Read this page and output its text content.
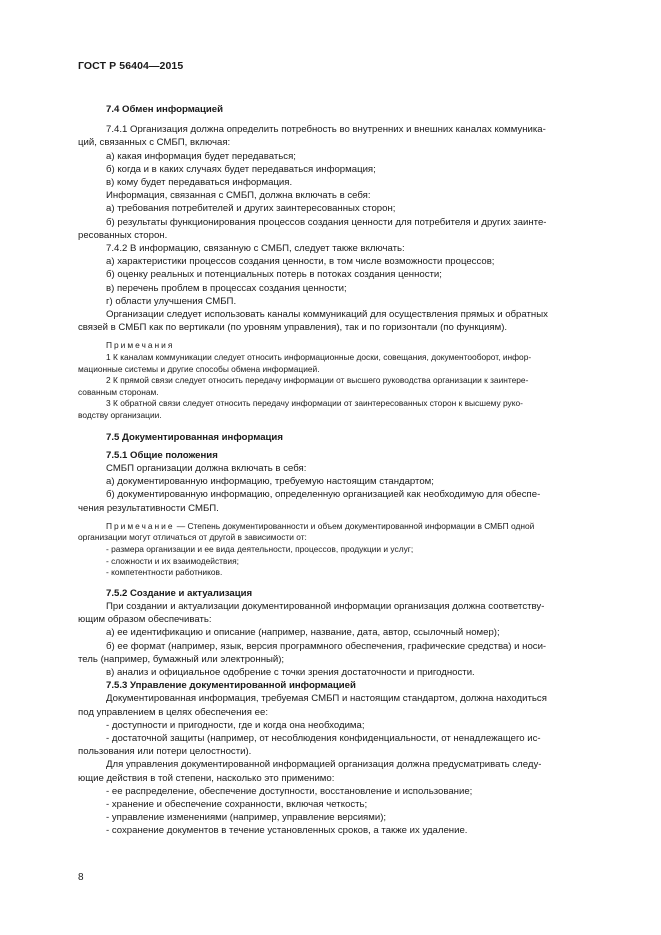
ГОСТ Р 56404—2015

7.4 Обмен информацией

7.4.1 Организация должна определить потребность во внутренних и внешних каналах коммуника-

ций, связанных с СМБП, включая:

а) какая информация будет передаваться;

б) когда и в каких случаях будет передаваться информация;

в) кому будет передаваться информация.

Информация, связанная с СМБП, должна включать в себя:

а) требования потребителей и других заинтересованных сторон;

б) результаты функционирования процессов создания ценности для потребителя и других заинте-

ресованных сторон.

7.4.2 В информацию, связанную с СМБП, следует также включать:

а) характеристики процессов создания ценности, в том числе возможности процессов;

б) оценку реальных и потенциальных потерь в потоках создания ценности;

в) перечень проблем в процессах создания ценности;

г) области улучшения СМБП.

Организации следует использовать каналы коммуникаций для осуществления прямых и обратных

связей в СМБП как по вертикали (по уровням управления), так и по горизонтали (по функциям).

Примечания

1 К каналам коммуникации следует относить информационные доски, совещания, документооборот, инфор-

мационные системы и другие способы обмена информацией.

2 К прямой связи следует относить передачу информации от высшего руководства организации к заинтере-

сованным сторонам.

3 К обратной связи следует относить передачу информации от заинтересованных сторон к высшему руко-

водству организации.

7.5 Документированная информация

7.5.1 Общие положения

СМБП организации должна включать в себя:

а) документированную информацию, требуемую настоящим стандартом;

б) документированную информацию, определенную организацией как необходимую для обеспе-

чения результативности СМБП.

Примечание — Степень документированности и объем документированной информации в СМБП одной

организации могут отличаться от другой в зависимости от:

- размера организации и ее вида деятельности, процессов, продукции и услуг;

- сложности и их взаимодействия;

- компетентности работников.

7.5.2 Создание и актуализация

При создании и актуализации документированной информации организация должна соответству-

ющим образом обеспечивать:

а) ее идентификацию и описание (например, название, дата, автор, ссылочный номер);

б) ее формат (например, язык, версия программного обеспечения, графические средства) и носи-

тель (например, бумажный или электронный);

в) анализ и официальное одобрение с точки зрения достаточности и пригодности.

7.5.3 Управление документированной информацией

Документированная информация, требуемая СМБП и настоящим стандартом, должна находиться

под управлением в целях обеспечения ее:

- доступности и пригодности, где и когда она необходима;

- достаточной защиты (например, от несоблюдения конфиденциальности, от ненадлежащего ис-

пользования или потери целостности).

Для управления документированной информацией организация должна предусматривать следу-

ющие действия в той степени, насколько это применимо:

- ее распределение, обеспечение доступности, восстановление и использование;

- хранение и обеспечение сохранности, включая четкость;

- управление изменениями (например, управление версиями);

- сохранение документов в течение установленных сроков, а также их удаление.

8
